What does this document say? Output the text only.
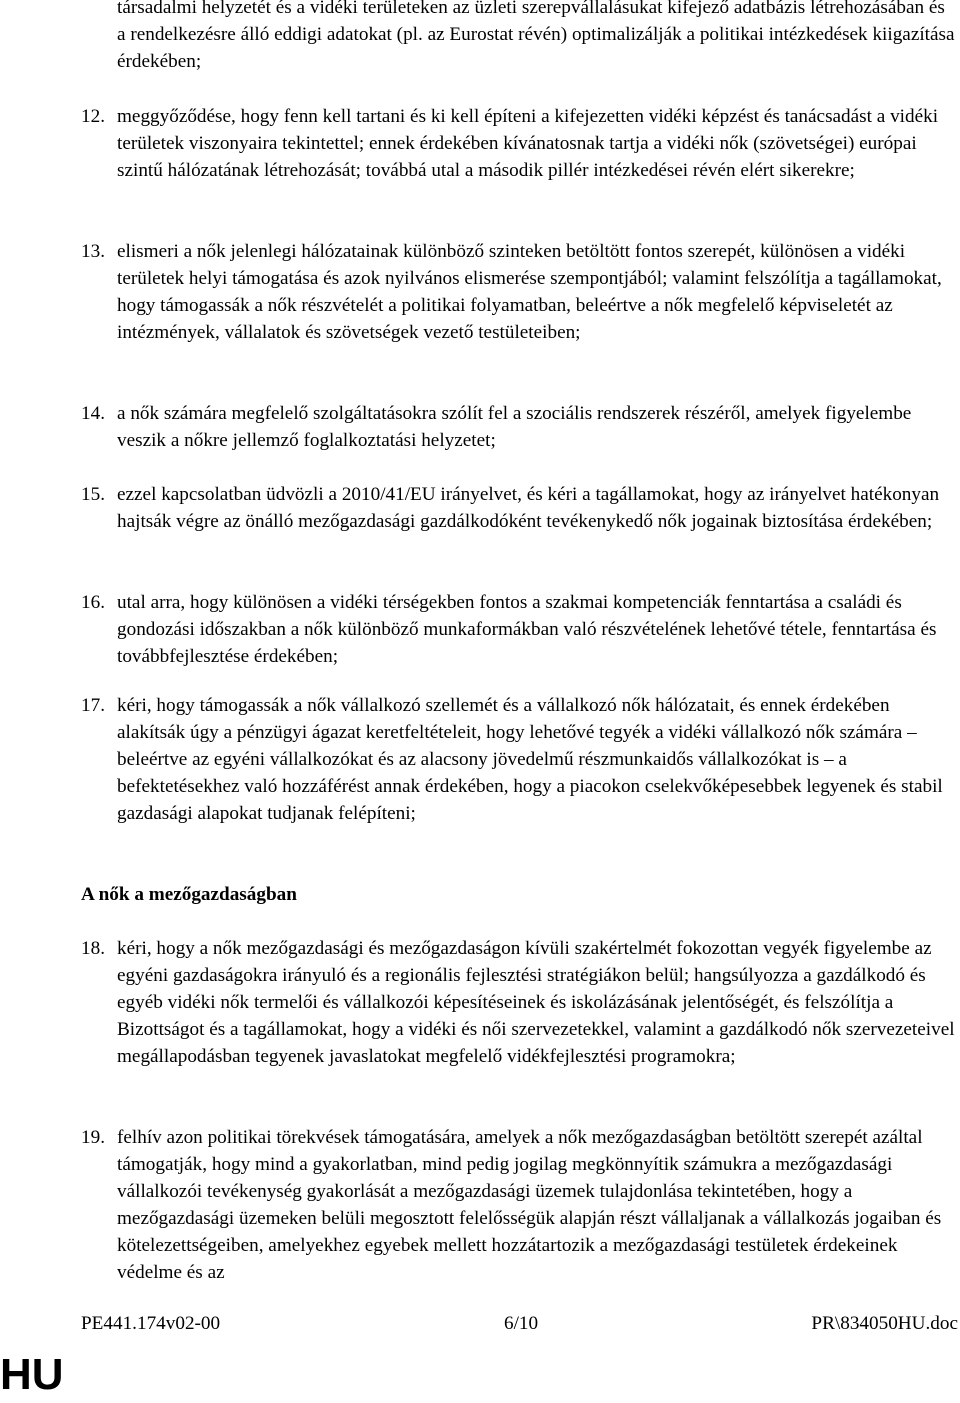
társadalmi helyzetét és a vidéki területeken az üzleti szerepvállalásukat kifejező adatbázis létrehozásában és a rendelkezésre álló eddigi adatokat (pl. az Eurostat révén) optimalizálják a politikai intézkedések kiigazítása érdekében;
12. meggyőződése, hogy fenn kell tartani és ki kell építeni a kifejezetten vidéki képzést és tanácsadást a vidéki területek viszonyaira tekintettel; ennek érdekében kívánatosnak tartja a vidéki nők (szövetségei) európai szintű hálózatának létrehozását; továbbá utal a második pillér intézkedései révén elért sikerekre;
13. elismeri a nők jelenlegi hálózatainak különböző szinteken betöltött fontos szerepét, különösen a vidéki területek helyi támogatása és azok nyilvános elismerése szempontjából; valamint felszólítja a tagállamokat, hogy támogassák a nők részvételét a politikai folyamatban, beleértve a nők megfelelő képviseletét az intézmények, vállalatok és szövetségek vezető testületeiben;
14. a nők számára megfelelő szolgáltatásokra szólít fel a szociális rendszerek részéről, amelyek figyelembe veszik a nőkre jellemző foglalkoztatási helyzetet;
15. ezzel kapcsolatban üdvözli a 2010/41/EU irányelvet, és kéri a tagállamokat, hogy az irányelvet hatékonyan hajtsák végre az önálló mezőgazdasági gazdálkodóként tevékenykedő nők jogainak biztosítása érdekében;
16. utal arra, hogy különösen a vidéki térségekben fontos a szakmai kompetenciák fenntartása a családi és gondozási időszakban a nők különböző munkaformákban való részvételének lehetővé tétele, fenntartása és továbbfejlesztése érdekében;
17. kéri, hogy támogassák a nők vállalkozó szellemét és a vállalkozó nők hálózatait, és ennek érdekében alakítsák úgy a pénzügyi ágazat keretfeltételeit, hogy lehetővé tegyék a vidéki vállalkozó nők számára – beleértve az egyéni vállalkozókat és az alacsony jövedelmű részmunkaidős vállalkozókat is – a befektetésekhez való hozzáférést annak érdekében, hogy a piacokon cselekvőképesebbek legyenek és stabil gazdasági alapokat tudjanak felépíteni;
A nők a mezőgazdaságban
18. kéri, hogy a nők mezőgazdasági és mezőgazdaságon kívüli szakértelmét fokozottan vegyék figyelembe az egyéni gazdaságokra irányuló és a regionális fejlesztési stratégiákon belül; hangsúlyozza a gazdálkodó és egyéb vidéki nők termelői és vállalkozói képesítéseinek és iskolázásának jelentőségét, és felszólítja a Bizottságot és a tagállamokat, hogy a vidéki és női szervezetekkel, valamint a gazdálkodó nők szervezeteivel megállapodásban tegyenek javaslatokat megfelelő vidékfejlesztési programokra;
19. felhív azon politikai törekvések támogatására, amelyek a nők mezőgazdaságban betöltött szerepét azáltal támogatják, hogy mind a gyakorlatban, mind pedig jogilag megkönnyítik számukra a mezőgazdasági vállalkozói tevékenység gyakorlását a mezőgazdasági üzemek tulajdonlása tekintetében, hogy a mezőgazdasági üzemeken belüli megosztott felelősségük alapján részt vállaljanak a vállalkozás jogaiban és kötelezettségeiben, amelyekhez egyebek mellett hozzátartozik a mezőgazdasági testületek érdekeinek védelme és az
PE441.174v02-00	6/10	PR\834050HU.doc
HU
